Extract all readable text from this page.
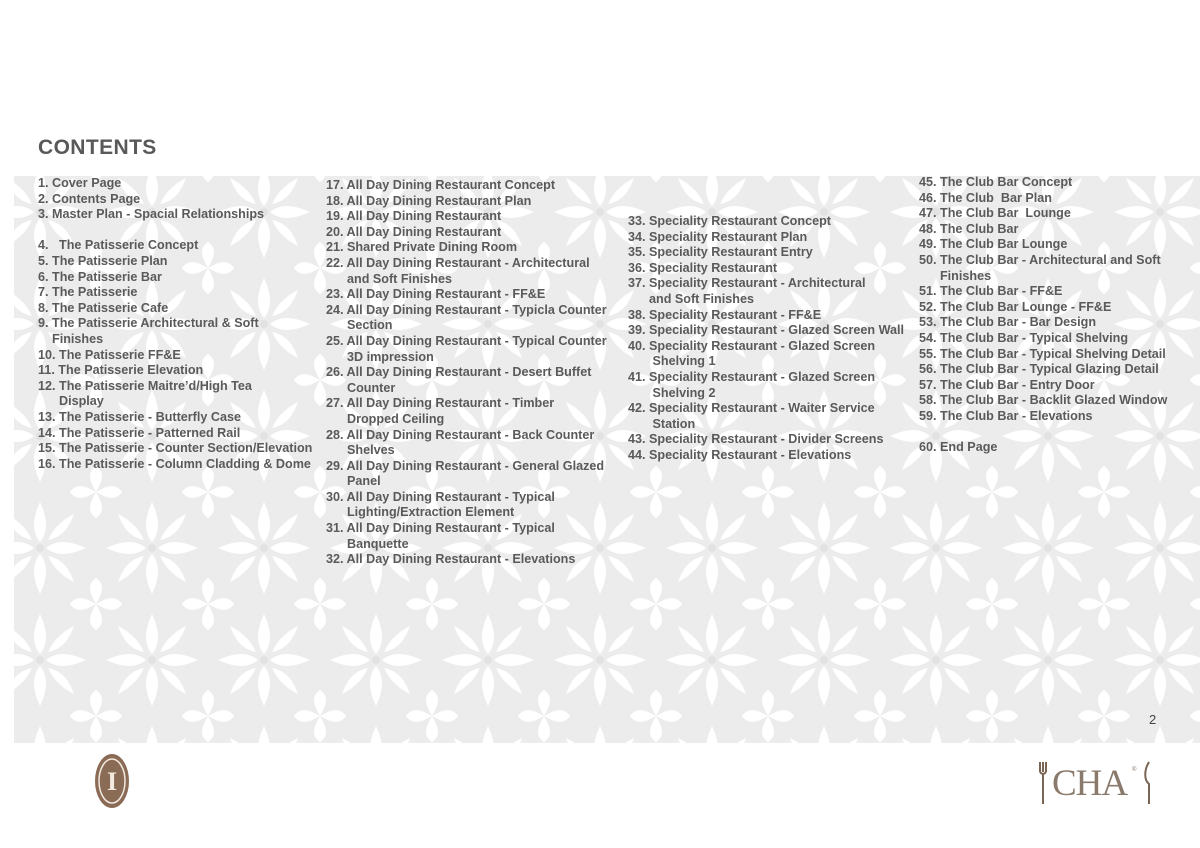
CONTENTS
1. Cover Page
2. Contents Page
3. Master Plan - Spacial Relationships
4.   The Patisserie Concept
5. The Patisserie Plan
6. The Patisserie Bar
7. The Patisserie
8. The Patisserie Cafe
9. The Patisserie Architectural & Soft
Finishes
10. The Patisserie FF&E
11. The Patisserie Elevation
12. The Patisserie Maitre’d/High Tea
Display
13. The Patisserie - Butterfly Case
14. The Patisserie - Patterned Rail
15. The Patisserie - Counter Section/Elevation
16. The Patisserie - Column Cladding & Dome
17. All Day Dining Restaurant Concept
18. All Day Dining Restaurant Plan
19. All Day Dining Restaurant
20. All Day Dining Restaurant
21. Shared Private Dining Room
22. All Day Dining Restaurant - Architectural
and Soft Finishes
23. All Day Dining Restaurant - FF&E
24. All Day Dining Restaurant - Typicla Counter
Section
25. All Day Dining Restaurant - Typical Counter
3D impression
26. All Day Dining Restaurant - Desert Buffet
Counter
27. All Day Dining Restaurant - Timber
Dropped Ceiling
28. All Day Dining Restaurant - Back Counter
Shelves
29. All Day Dining Restaurant - General Glazed
Panel
30. All Day Dining Restaurant - Typical
Lighting/Extraction Element
31. All Day Dining Restaurant - Typical
Banquette
32. All Day Dining Restaurant - Elevations
33. Speciality Restaurant Concept
34. Speciality Restaurant Plan
35. Speciality Restaurant Entry
36. Speciality Restaurant
37. Speciality Restaurant - Architectural
and Soft Finishes
38. Speciality Restaurant - FF&E
39. Speciality Restaurant - Glazed Screen Wall
40. Speciality Restaurant - Glazed Screen
Shelving 1
41. Speciality Restaurant - Glazed Screen
Shelving 2
42. Speciality Restaurant - Waiter Service
Station
43. Speciality Restaurant - Divider Screens
44. Speciality Restaurant - Elevations
45. The Club Bar Concept
46. The Club  Bar Plan
47. The Club Bar  Lounge
48. The Club Bar
49. The Club Bar Lounge
50. The Club Bar - Architectural and Soft
Finishes
51. The Club Bar - FF&E
52. The Club Bar Lounge - FF&E
53. The Club Bar - Bar Design
54. The Club Bar - Typical Shelving
55. The Club Bar - Typical Shelving Detail
56. The Club Bar - Typical Glazing Detail
57. The Club Bar - Entry Door
58. The Club Bar - Backlit Glazed Window
59. The Club Bar - Elevations
60. End Page

2

I	CHA ®
